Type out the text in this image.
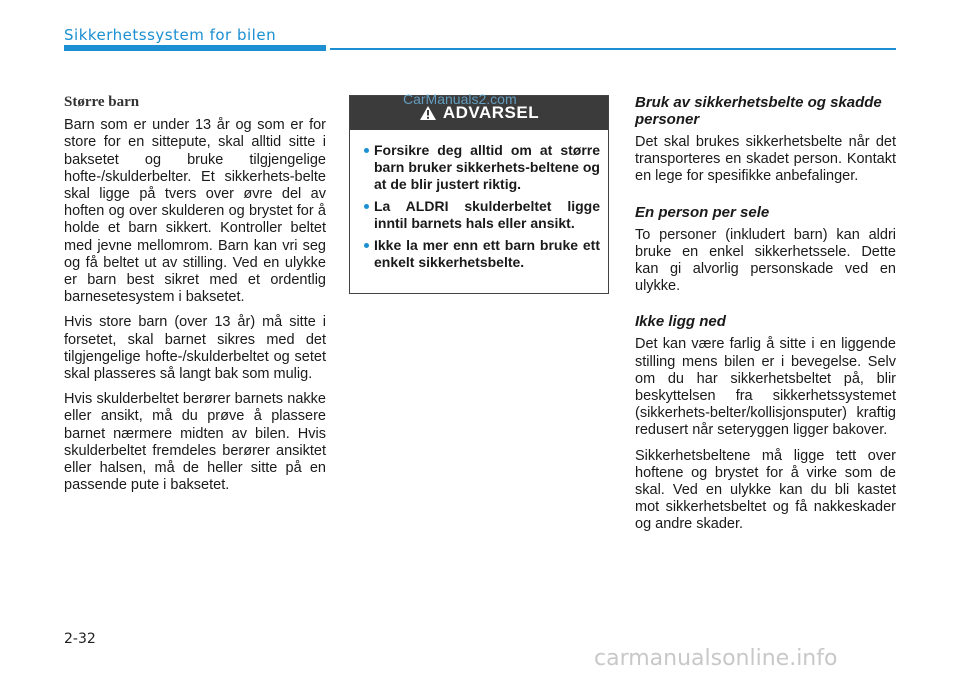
Sikkerhetssystem for bilen
Større barn

Barn som er under 13 år og som er for store for en sittepute, skal alltid sitte i baksetet og bruke tilgjengelige hofte-/skulderbelter. Et sikkerhets-belte skal ligge på tvers over øvre del av hoften og over skulderen og brystet for å holde et barn sikkert. Kontroller beltet med jevne mellomrom. Barn kan vri seg og få beltet ut av stilling. Ved en ulykke er barn best sikret med et ordentlig barnesetesystem i baksetet.

Hvis store barn (over 13 år) må sitte i forsetet, skal barnet sikres med det tilgjengelige hofte-/skulderbeltet og setet skal plasseres så langt bak som mulig.

Hvis skulderbeltet berører barnets nakke eller ansikt, må du prøve å plassere barnet nærmere midten av bilen. Hvis skulderbeltet fremdeles berører ansiktet eller halsen, må de heller sitte på en passende pute i baksetet.

ADVARSEL
Forsikre deg alltid om at større barn bruker sikkerhets-beltene og at de blir justert riktig.
La ALDRI skulderbeltet ligge inntil barnets hals eller ansikt.
Ikke la mer enn ett barn bruke ett enkelt sikkerhetsbelte.
CarManuals2.com	Bruk av sikkerhetsbelte og skadde personer

Det skal brukes sikkerhetsbelte når det transporteres en skadet person. Kontakt en lege for spesifikke anbefalinger.

En person per sele

To personer (inkludert barn) kan aldri bruke en enkel sikkerhetssele. Dette kan gi alvorlig personskade ved en ulykke.

Ikke ligg ned

Det kan være farlig å sitte i en liggende stilling mens bilen er i bevegelse. Selv om du har sikkerhetsbeltet på, blir beskyttelsen fra sikkerhetssystemet (sikkerhets-belter/kollisjonsputer) kraftig redusert når seteryggen ligger bakover.

Sikkerhetsbeltene må ligge tett over hoftene og brystet for å virke som de skal. Ved en ulykke kan du bli kastet mot sikkerhetsbeltet og få nakkeskader og andre skader.

2-32
carmanualsonline.info
